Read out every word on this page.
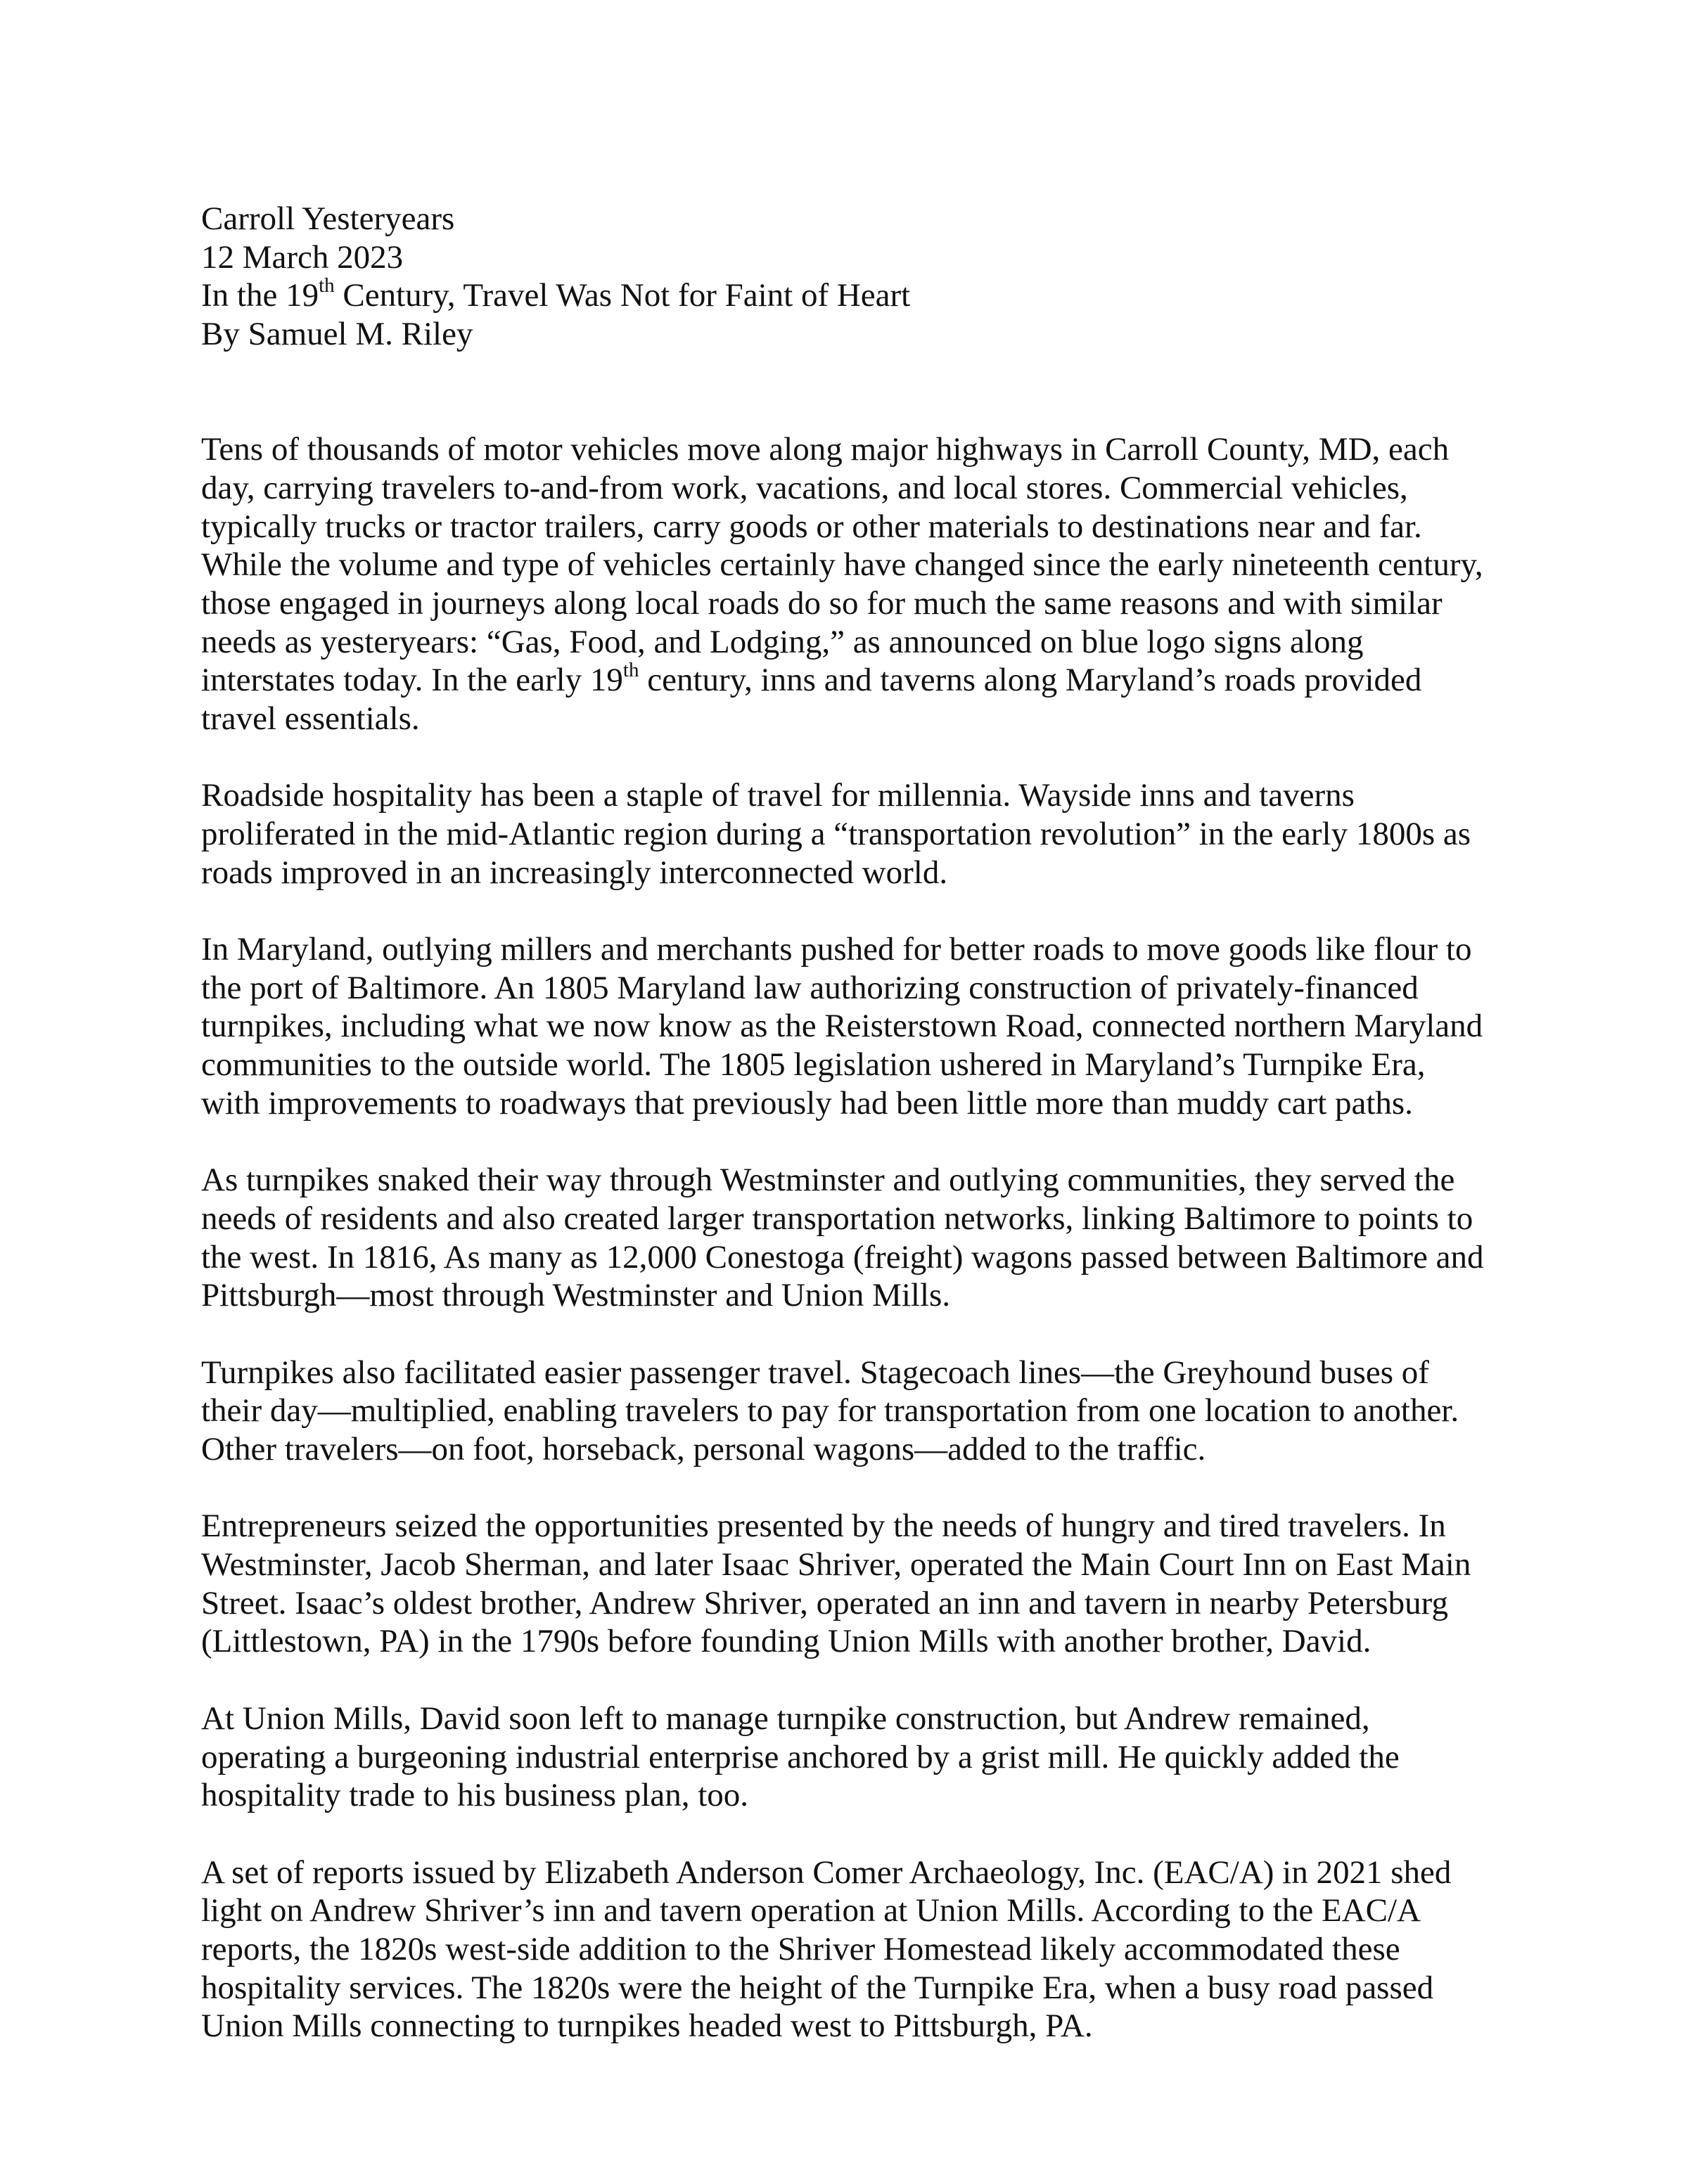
Carroll Yesteryears
12 March 2023
In the 19th Century, Travel Was Not for Faint of Heart
By Samuel M. Riley
Tens of thousands of motor vehicles move along major highways in Carroll County, MD, each
day, carrying travelers to-and-from work, vacations, and local stores. Commercial vehicles,
typically trucks or tractor trailers, carry goods or other materials to destinations near and far.
While the volume and type of vehicles certainly have changed since the early nineteenth century,
those engaged in journeys along local roads do so for much the same reasons and with similar
needs as yesteryears: “Gas, Food, and Lodging,” as announced on blue logo signs along
interstates today. In the early 19th century, inns and taverns along Maryland’s roads provided
travel essentials.
Roadside hospitality has been a staple of travel for millennia. Wayside inns and taverns
proliferated in the mid-Atlantic region during a “transportation revolution” in the early 1800s as
roads improved in an increasingly interconnected world.
In Maryland, outlying millers and merchants pushed for better roads to move goods like flour to
the port of Baltimore. An 1805 Maryland law authorizing construction of privately-financed
turnpikes, including what we now know as the Reisterstown Road, connected northern Maryland
communities to the outside world. The 1805 legislation ushered in Maryland’s Turnpike Era,
with improvements to roadways that previously had been little more than muddy cart paths.
As turnpikes snaked their way through Westminster and outlying communities, they served the
needs of residents and also created larger transportation networks, linking Baltimore to points to
the west. In 1816, As many as 12,000 Conestoga (freight) wagons passed between Baltimore and
Pittsburgh—most through Westminster and Union Mills.
Turnpikes also facilitated easier passenger travel. Stagecoach lines—the Greyhound buses of
their day—multiplied, enabling travelers to pay for transportation from one location to another.
Other travelers—on foot, horseback, personal wagons—added to the traffic.
Entrepreneurs seized the opportunities presented by the needs of hungry and tired travelers. In
Westminster, Jacob Sherman, and later Isaac Shriver, operated the Main Court Inn on East Main
Street. Isaac’s oldest brother, Andrew Shriver, operated an inn and tavern in nearby Petersburg
(Littlestown, PA) in the 1790s before founding Union Mills with another brother, David.
At Union Mills, David soon left to manage turnpike construction, but Andrew remained,
operating a burgeoning industrial enterprise anchored by a grist mill. He quickly added the
hospitality trade to his business plan, too.
A set of reports issued by Elizabeth Anderson Comer Archaeology, Inc. (EAC/A) in 2021 shed
light on Andrew Shriver’s inn and tavern operation at Union Mills. According to the EAC/A
reports, the 1820s west-side addition to the Shriver Homestead likely accommodated these
hospitality services. The 1820s were the height of the Turnpike Era, when a busy road passed
Union Mills connecting to turnpikes headed west to Pittsburgh, PA.
